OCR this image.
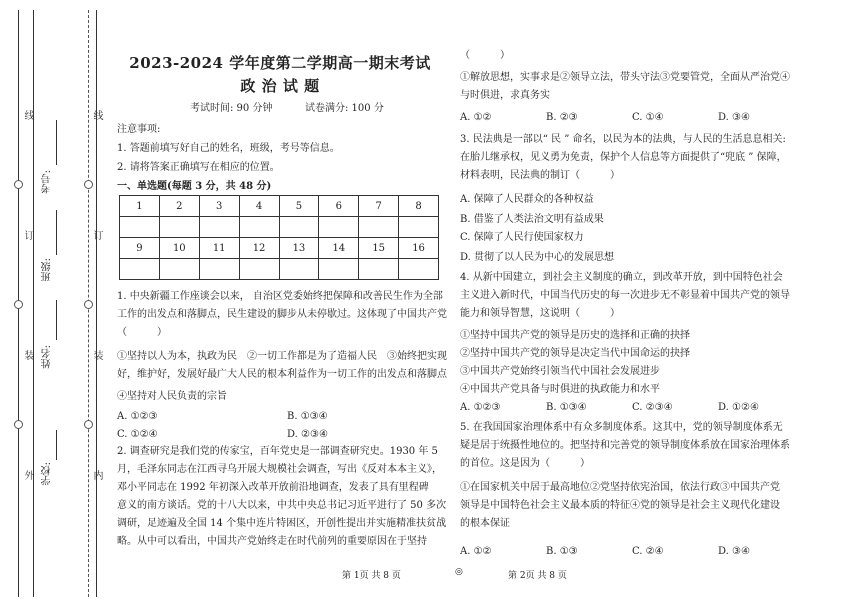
外
线
订
装
内
线
订
装
学校:
姓名:
班级:
考号:
2023-2024 学年度第二学期高一期末考试
政 治 试 题
考试时间: 90 分钟	试卷满分: 100 分
注意事项:
1. 答题前填写好自己的姓名，班级，考号等信息。
2. 请将答案正确填写在相应的位置。
一、单选题(每题 3 分，共 48 分)
1	2	3	4	5	6	7	8

9	10	11	12	13	14	15	16

1. 中央新疆工作座谈会以来， 自治区党委始终把保障和改善民生作为全部
工作的出发点和落脚点，民生建设的脚步从未停歇过。这体现了中国共产党
（　　　）
①坚持以人为本，执政为民　②一切工作都是为了造福人民　③始终把实现
好，维护好，发展好最广大人民的根本利益作为一切工作的出发点和落脚点
④坚持对人民负责的宗旨
A. ①②③	B. ①③④
C. ①②④	D. ②③④
2. 调查研究是我们党的传家宝，百年党史是一部调查研究史。1930 年 5
月，毛泽东同志在江西寻乌开展大规模社会调查，写出《反对本本主义》，
邓小平同志在 1992 年初深入改革开放前沿地调查，发表了具有里程碑
意义的南方谈话。党的十八大以来，中共中央总书记习近平进行了 50 多次
调研，足迹遍及全国 14 个集中连片特困区，开创性提出并实施精准扶贫战
略。从中可以看出，中国共产党始终走在时代前列的重要原因在于坚持
（　　　）
①解放思想，实事求是②领导立法，带头守法③党要管党，全面从严治党④
与时俱进，求真务实
A. ①②	B. ②③	C. ①④	D. ③④
3. 民法典是一部以“ 民 ” 命名，以民为本的法典，与人民的生活息息相关:
在胎儿继承权，见义勇为免责，保护个人信息等方面提供了“兜底 ” 保障，
材料表明，民法典的制订（　　　）
A. 保障了人民群众的各种权益
B. 借鉴了人类法治文明有益成果
C. 保障了人民行使国家权力
D. 贯彻了以人民为中心的发展思想
4. 从新中国建立，到社会主义制度的确立，到改革开放，到中国特色社会
主义进入新时代，中国当代历史的每一次进步无不彰显着中国共产党的领导
能力和领导智慧，这说明（　　　）
①坚持中国共产党的领导是历史的选择和正确的抉择
②坚持中国共产党的领导是决定当代中国命运的抉择
③中国共产党始终引领当代中国社会发展进步
④中国共产党具备与时俱进的执政能力和水平
A. ①②③	B. ①③④	C. ②③④	D. ①②④
5. 在我国国家治理体系中有众多制度体系。这其中，党的领导制度体系无
疑是居于统摄性地位的。把坚持和完善党的领导制度体系放在国家治理体系
的首位。这是因为（　　　）
①在国家机关中居于最高地位②党坚持依宪治国，依法行政③中国共产党
领导是中国特色社会主义最本质的特征④党的领导是社会主义现代化建设
的根本保证
A. ①②	B. ①③	C. ②④	D. ③④
第 1页 共 8 页	◎	第 2页 共 8 页
